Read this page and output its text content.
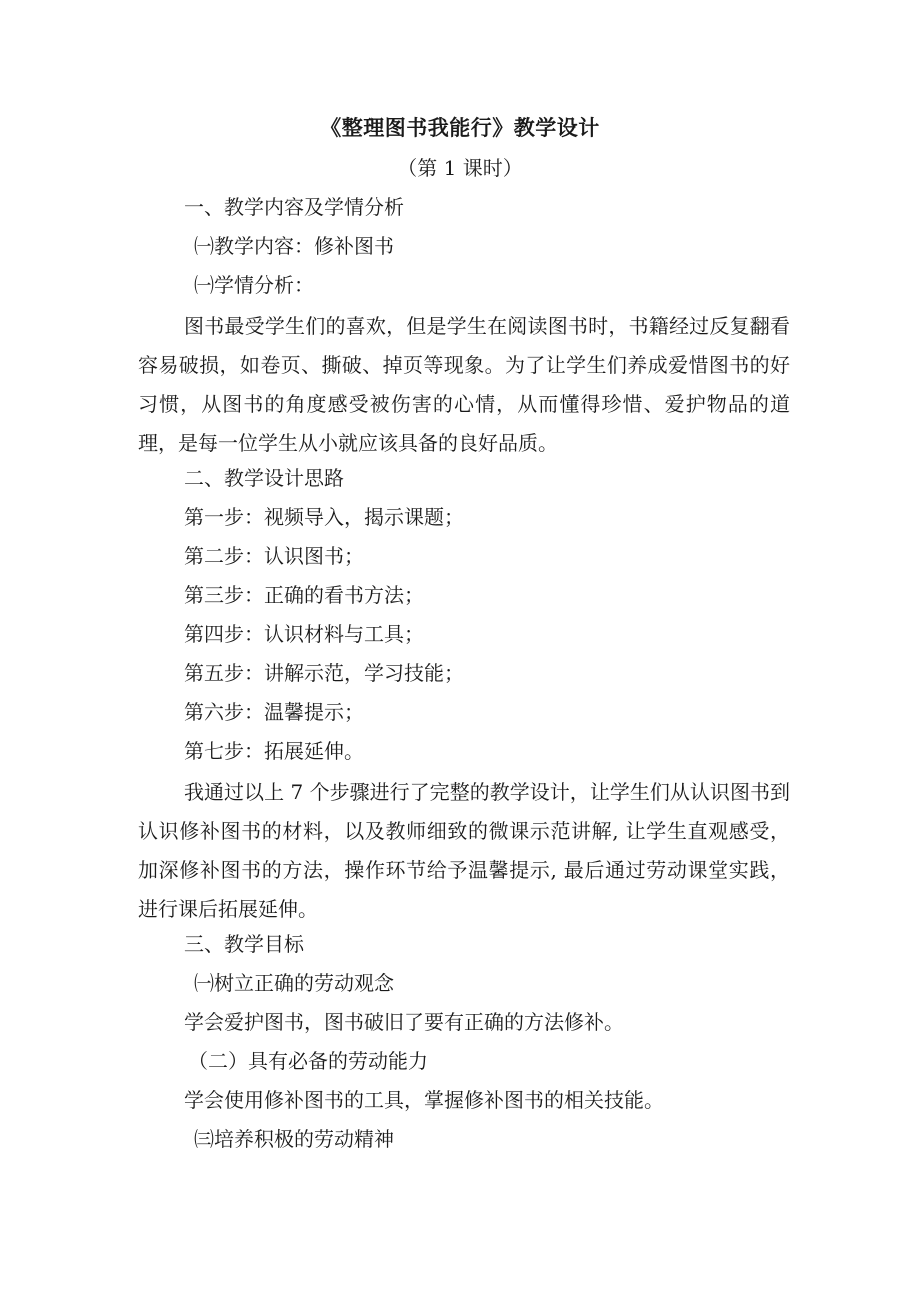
《整理图书我能行》教学设计
（第 1 课时）
一、教学内容及学情分析
㈠教学内容：修补图书
㈠学情分析：
图书最受学生们的喜欢，但是学生在阅读图书时，书籍经过反复翻看容易破损，如卷页、撕破、掉页等现象。为了让学生们养成爱惜图书的好习惯，从图书的角度感受被伤害的心情，从而懂得珍惜、爱护物品的道理，是每一位学生从小就应该具备的良好品质。
二、教学设计思路
第一步：视频导入，揭示课题；
第二步：认识图书；
第三步：正确的看书方法；
第四步：认识材料与工具；
第五步：讲解示范，学习技能；
第六步：温馨提示；
第七步：拓展延伸。
我通过以上 7 个步骤进行了完整的教学设计，让学生们从认识图书到认识修补图书的材料，以及教师细致的微课示范讲解, 让学生直观感受，加深修补图书的方法，操作环节给予温馨提示, 最后通过劳动课堂实践，进行课后拓展延伸。
三、教学目标
㈠树立正确的劳动观念
学会爱护图书，图书破旧了要有正确的方法修补。
（二）具有必备的劳动能力
学会使用修补图书的工具，掌握修补图书的相关技能。
㈢培养积极的劳动精神
